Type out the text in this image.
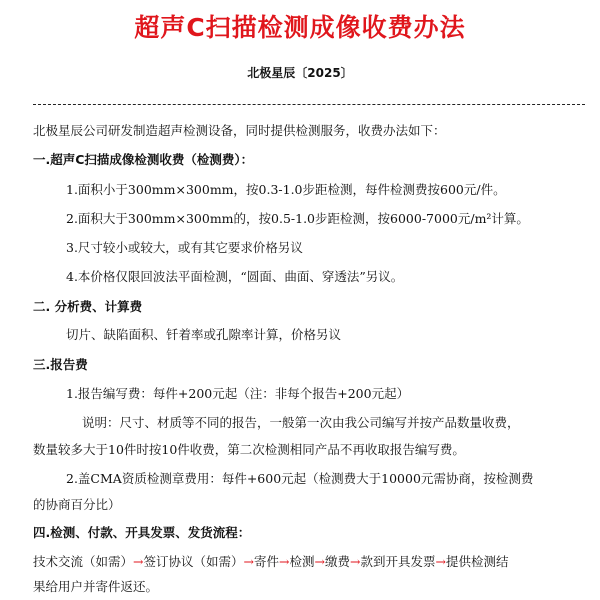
超声C扫描检测成像收费办法
北极星辰〔2025〕
北极星辰公司研发制造超声检测设备，同时提供检测服务，收费办法如下：
一.超声C扫描成像检测收费（检测费）：
1.面积小于300mm×300mm，按0.3-1.0步距检测，每件检测费按600元/件。
2.面积大于300mm×300mm的，按0.5-1.0步距检测，按6000-7000元/m²计算。
3.尺寸较小或较大，或有其它要求价格另议
4.本价格仅限回波法平面检测，“圆面、曲面、穿透法”另议。
二. 分析费、计算费
切片、缺陷面积、钎着率或孔隙率计算，价格另议
三.报告费
1.报告编写费：每件+200元起（注：非每个报告+200元起）
说明：尺寸、材质等不同的报告，一般第一次由我公司编写并按产品数量收费，
数量较多大于10件时按10件收费，第二次检测相同产品不再收取报告编写费。
2.盖CMA资质检测章费用：每件+600元起（检测费大于10000元需协商，按检测费
的协商百分比）
四.检测、付款、开具发票、发货流程：
技术交流（如需）→签订协议（如需）→寄件→检测→缴费→款到开具发票→提供检测结
果给用户并寄件返还。
